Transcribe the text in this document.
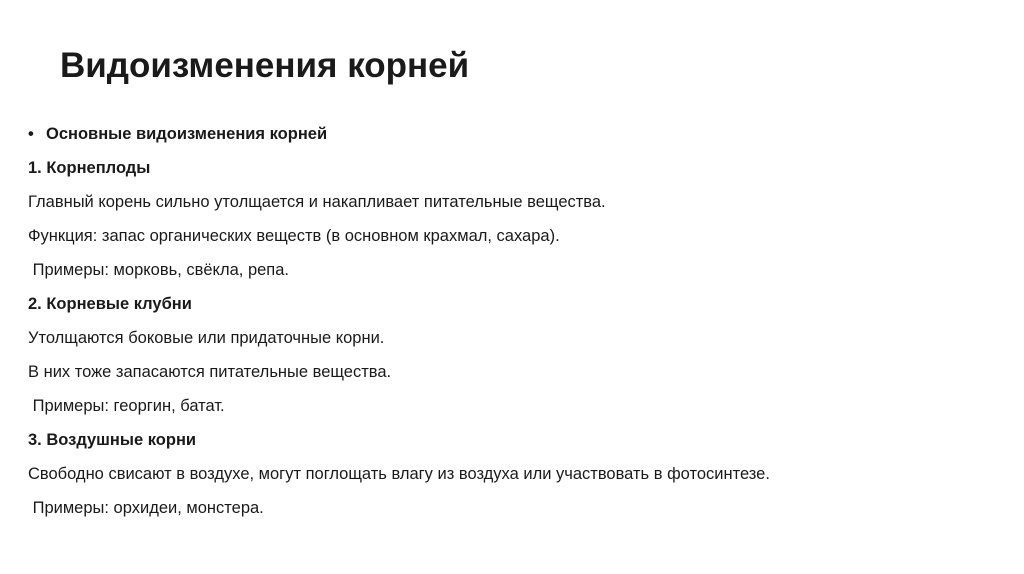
Видоизменения корней
• Основные видоизменения корней
1. Корнеплоды
Главный корень сильно утолщается и накапливает питательные вещества.
Функция: запас органических веществ (в основном крахмал, сахара).
Примеры: морковь, свёкла, репа.
2. Корневые клубни
Утолщаются боковые или придаточные корни.
В них тоже запасаются питательные вещества.
Примеры: георгин, батат.
3. Воздушные корни
Свободно свисают в воздухе, могут поглощать влагу из воздуха или участвовать в фотосинтезе.
Примеры: орхидеи, монстера.
